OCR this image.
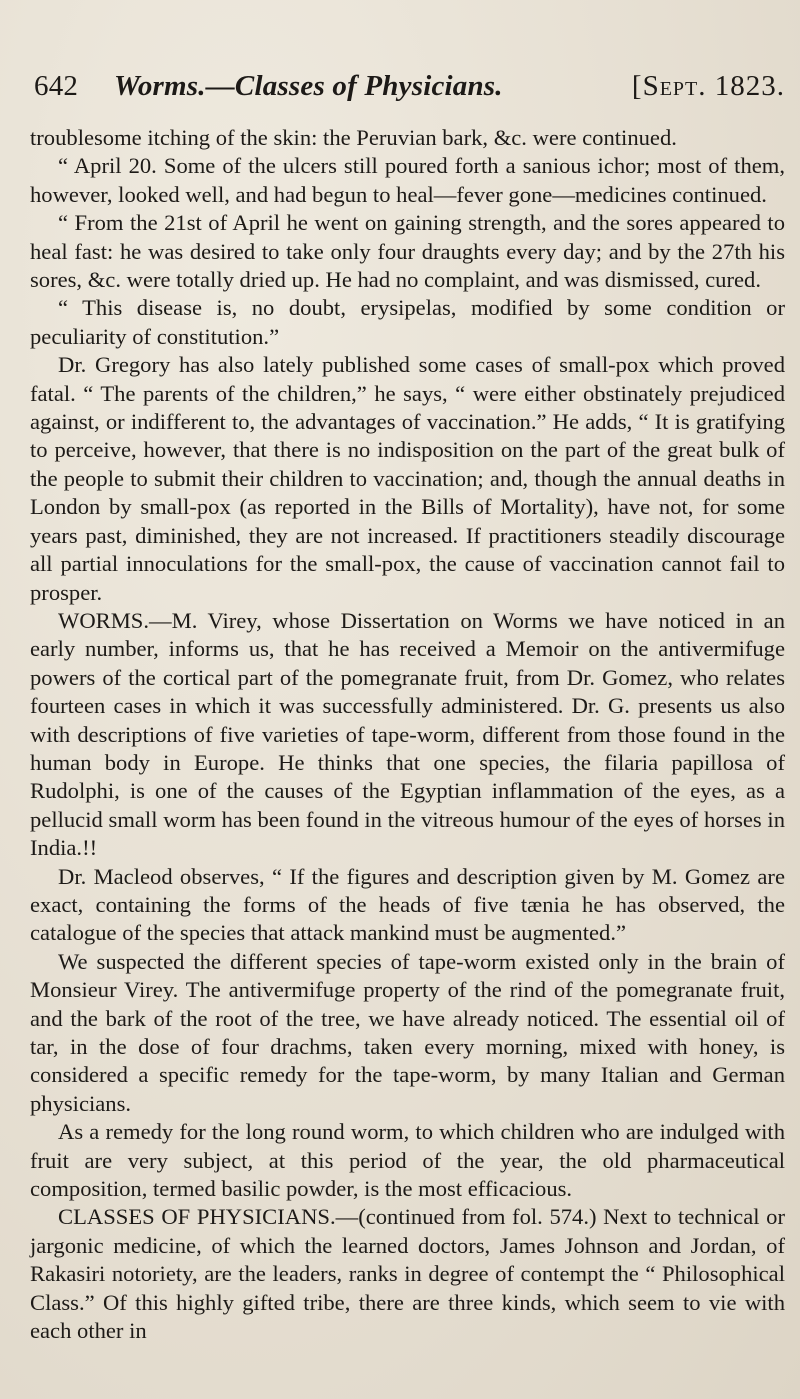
642	Worms.—Classes of Physicians.	[Sept. 1823.

troublesome itching of the skin: the Peruvian bark, &c. were continued.

“ April 20. Some of the ulcers still poured forth a sanious ichor; most of them, however, looked well, and had begun to heal—fever gone—medicines continued.

“ From the 21st of April he went on gaining strength, and the sores appeared to heal fast: he was desired to take only four draughts every day; and by the 27th his sores, &c. were totally dried up. He had no complaint, and was dismissed, cured.

“ This disease is, no doubt, erysipelas, modified by some condition or peculiarity of constitution.”

Dr. Gregory has also lately published some cases of small-pox which proved fatal. “ The parents of the children,” he says, “ were either obstinately prejudiced against, or indifferent to, the advantages of vaccination.” He adds, “ It is gratifying to perceive, however, that there is no indisposition on the part of the great bulk of the people to submit their children to vaccination; and, though the annual deaths in London by small-pox (as reported in the Bills of Mortality), have not, for some years past, diminished, they are not increased. If practitioners steadily discourage all partial innoculations for the small-pox, the cause of vaccination cannot fail to prosper.

WORMS.—M. Virey, whose Dissertation on Worms we have noticed in an early number, informs us, that he has received a Memoir on the antivermifuge powers of the cortical part of the pomegranate fruit, from Dr. Gomez, who relates fourteen cases in which it was successfully administered. Dr. G. presents us also with descriptions of five varieties of tape-worm, different from those found in the human body in Europe. He thinks that one species, the filaria papillosa of Rudolphi, is one of the causes of the Egyptian inflammation of the eyes, as a pellucid small worm has been found in the vitreous humour of the eyes of horses in India.!!

Dr. Macleod observes, “ If the figures and description given by M. Gomez are exact, containing the forms of the heads of five tænia he has observed, the catalogue of the species that attack mankind must be augmented.”

We suspected the different species of tape-worm existed only in the brain of Monsieur Virey. The antivermifuge property of the rind of the pomegranate fruit, and the bark of the root of the tree, we have already noticed. The essential oil of tar, in the dose of four drachms, taken every morning, mixed with honey, is considered a specific remedy for the tape-worm, by many Italian and German physicians.

As a remedy for the long round worm, to which children who are indulged with fruit are very subject, at this period of the year, the old pharmaceutical composition, termed basilic powder, is the most efficacious.

CLASSES OF PHYSICIANS.—(continued from fol. 574.) Next to technical or jargonic medicine, of which the learned doctors, James Johnson and Jordan, of Rakasiri notoriety, are the leaders, ranks in degree of contempt the “ Philosophical Class.” Of this highly gifted tribe, there are three kinds, which seem to vie with each other in
